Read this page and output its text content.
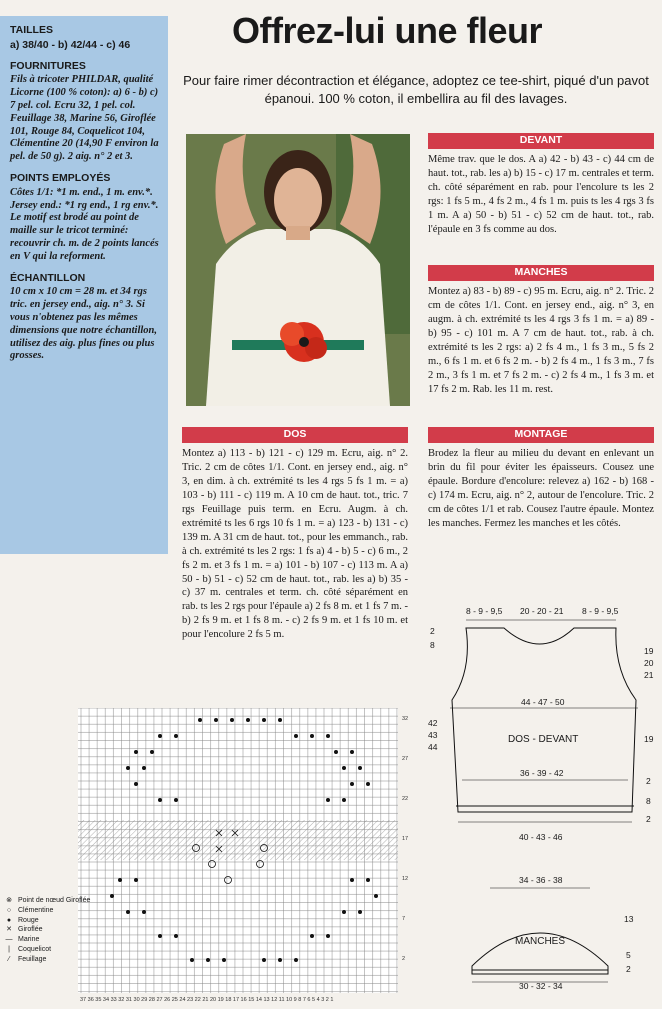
TAILLES
a) 38/40 - b) 42/44 - c) 46
FOURNITURES
Fils à tricoter PHILDAR, qualité Licorne (100 % coton): a) 6 - b) c) 7 pel. col. Ecru 32, 1 pel. col. Feuillage 38, Marine 56, Giroflée 101, Rouge 84, Coquelicot 104, Clémentine 20 (14,90 F environ la pel. de 50 g). 2 aig. n° 2 et 3.
POINTS EMPLOYÉS
Côtes 1/1: *1 m. end., 1 m. env.*. Jersey end.: *1 rg end., 1 rg env.*. Le motif est brodé au point de maille sur le tricot terminé: recouvrir ch. m. de 2 points lancés en V qui la reforment.
ÉCHANTILLON
10 cm x 10 cm = 28 m. et 34 rgs tric. en jersey end., aig. n° 3. Si vous n'obtenez pas les mêmes dimensions que notre échantillon, utilisez des aig. plus fines ou plus grosses.
Offrez-lui une fleur
Pour faire rimer décontraction et élégance, adoptez ce tee-shirt, piqué d'un pavot épanoui. 100 % coton, il embellira au fil des lavages.
DEVANT
Même trav. que le dos. A a) 42 - b) 43 - c) 44 cm de haut. tot., rab. les a) b) 15 - c) 17 m. centrales et term. ch. côté séparément en rab. pour l'encolure ts les 2 rgs: 1 fs 5 m., 4 fs 2 m., 4 fs 1 m. puis ts les 4 rgs 3 fs 1 m. A a) 50 - b) 51 - c) 52 cm de haut. tot., rab. l'épaule en 3 fs comme au dos.
MANCHES
Montez a) 83 - b) 89 - c) 95 m. Ecru, aig. n° 2. Tric. 2 cm de côtes 1/1. Cont. en jersey end., aig. n° 3, en augm. à ch. extrémité ts les 4 rgs 3 fs 1 m. = a) 89 - b) 95 - c) 101 m. A 7 cm de haut. tot., rab. à ch. extrémité ts les 2 rgs: a) 2 fs 4 m., 1 fs 3 m., 5 fs 2 m., 6 fs 1 m. et 6 fs 2 m. - b) 2 fs 4 m., 1 fs 3 m., 7 fs 2 m., 3 fs 1 m. et 7 fs 2 m. - c) 2 fs 4 m., 1 fs 3 m. et 17 fs 2 m. Rab. les 11 m. rest.
DOS
Montez a) 113 - b) 121 - c) 129 m. Ecru, aig. n° 2. Tric. 2 cm de côtes 1/1. Cont. en jersey end., aig. n° 3, en dim. à ch. extrémité ts les 4 rgs 5 fs 1 m. = a) 103 - b) 111 - c) 119 m. A 10 cm de haut. tot., tric. 7 rgs Feuillage puis term. en Ecru. Augm. à ch. extrémité ts les 6 rgs 10 fs 1 m. = a) 123 - b) 131 - c) 139 m. A 31 cm de haut. tot., pour les emmanch., rab. à ch. extrémité ts les 2 rgs: 1 fs a) 4 - b) 5 - c) 6 m., 2 fs 2 m. et 3 fs 1 m. = a) 101 - b) 107 - c) 113 m. A a) 50 - b) 51 - c) 52 cm de haut. tot., rab. les a) b) 35 - c) 37 m. centrales et term. ch. côté séparément en rab. ts les 2 rgs pour l'épaule a) 2 fs 8 m. et 1 fs 7 m. - b) 2 fs 9 m. et 1 fs 8 m. - c) 2 fs 9 m. et 1 fs 10 m. et pour l'encolure 2 fs 5 m.
MONTAGE
Brodez la fleur au milieu du devant en enlevant un brin du fil pour éviter les épaisseurs. Cousez une épaule. Bordure d'encolure: relevez a) 162 - b) 168 - c) 174 m. Ecru, aig. n° 2, autour de l'encolure. Tric. 2 cm de côtes 1/1 et rab. Cousez l'autre épaule. Montez les manches. Fermez les manches et les côtés.
32
27
22
17
12
7
2
37 36 35 34 33 32 31 30 29 28 27 26 25 24 23 22 21 20 19 18 17 16 15 14 13 12 11 10 9 8 7 6 5 4 3 2 1
⊗ Point de nœud Giroflée
○ Clémentine
● Rouge
✕ Giroflée
— Marine
|	Coquelicot
⁄	Feuillage
8 - 9 - 9,5 20 - 20 - 21 8 - 9 - 9,5
44 - 47 - 50
DOS - DEVANT
36 - 39 - 42
40 - 43 - 46
2
8
42
43
44
19
20
21
19
2
8
2
34 - 36 - 38
MANCHES
13
5
2
30 - 32 - 34
